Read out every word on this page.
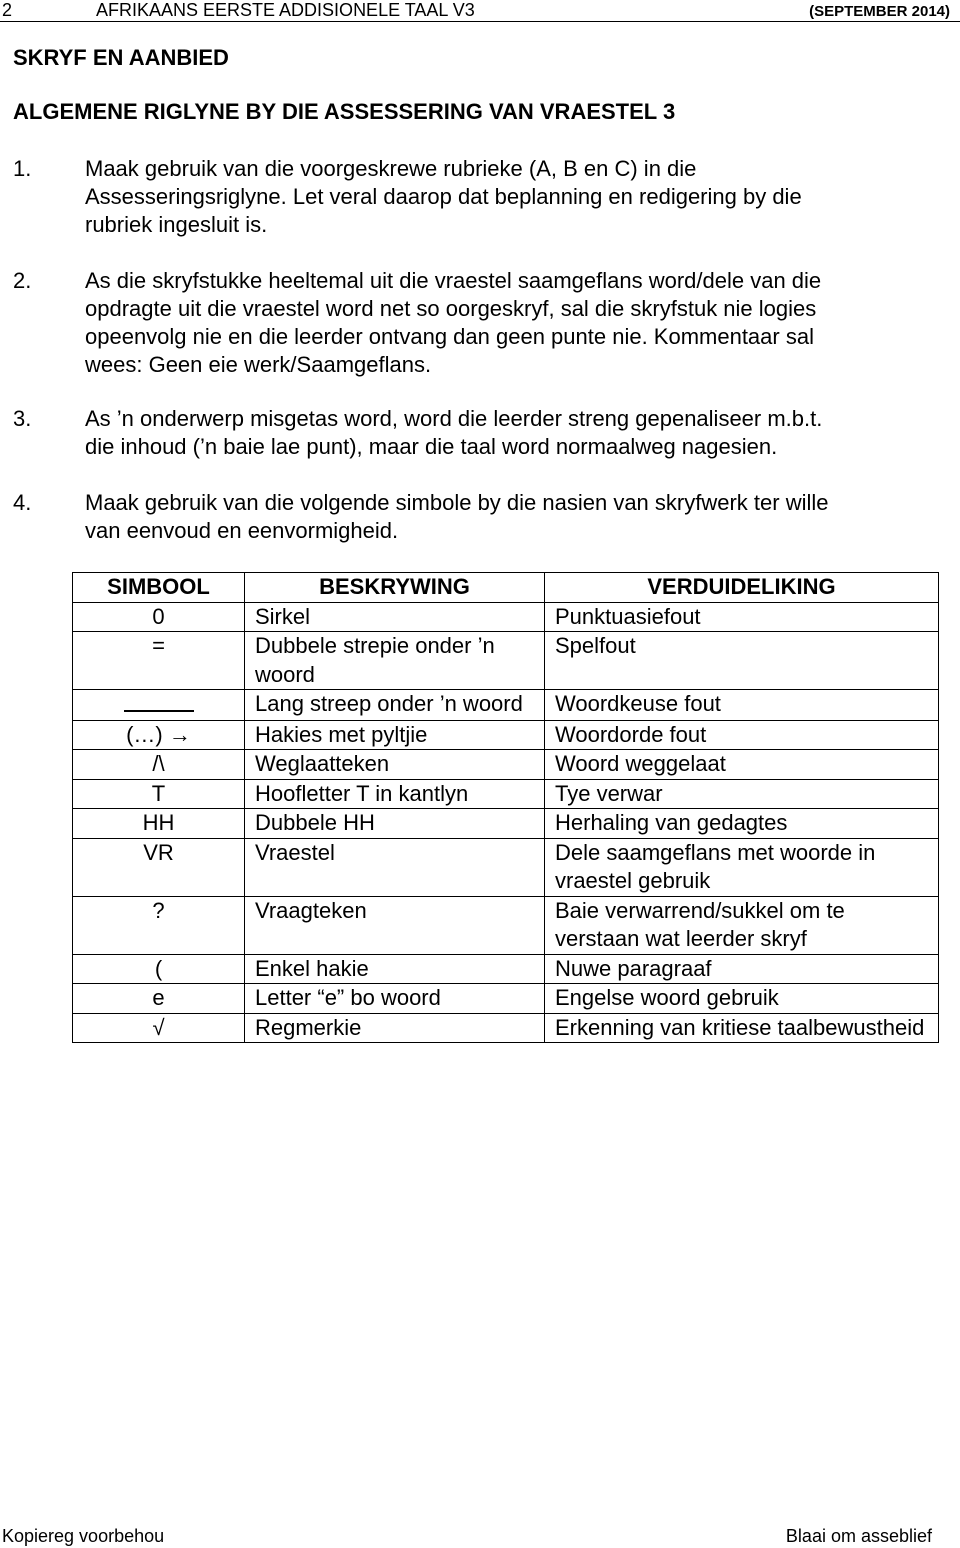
2	AFRIKAANS EERSTE ADDISIONELE TAAL V3	(SEPTEMBER 2014)
SKRYF EN AANBIED
ALGEMENE RIGLYNE BY DIE ASSESSERING VAN VRAESTEL 3
1. Maak gebruik van die voorgeskrewe rubrieke (A, B en C) in die
Assesseringsriglyne. Let veral daarop dat beplanning en redigering by die
rubriek ingesluit is.
2. As die skryfstukke heeltemal uit die vraestel saamgeflans word/dele van die
opdragte uit die vraestel word net so oorgeskryf, sal die skryfstuk nie logies
opeenvolg nie en die leerder ontvang dan geen punte nie. Kommentaar sal
wees: Geen eie werk/Saamgeflans.
3. As ’n onderwerp misgetas word, word die leerder streng gepenaliseer m.b.t.
die inhoud (’n baie lae punt), maar die taal word normaalweg nagesien.
4. Maak gebruik van die volgende simbole by die nasien van skryfwerk ter wille
van eenvoud en eenvormigheid.
SIMBOOL	BESKRYWING	VERDUIDELIKING
0	Sirkel	Punktuasiefout
=	Dubbele strepie onder ’n woord	Spelfout
	Lang streep onder ’n woord	Woordkeuse fout
(…) →	Hakies met pyltjie	Woordorde fout
/\	Weglaatteken	Woord weggelaat
T	Hoofletter T in kantlyn	Tye verwar
HH	Dubbele HH	Herhaling van gedagtes
VR	Vraestel	Dele saamgeflans met woorde in vraestel gebruik
?	Vraagteken	Baie verwarrend/sukkel om te verstaan wat leerder skryf
(	Enkel hakie	Nuwe paragraaf
e	Letter “e” bo woord	Engelse woord gebruik
√	Regmerkie	Erkenning van kritiese taalbewustheid
Kopiereg voorbehou	Blaai om asseblief
